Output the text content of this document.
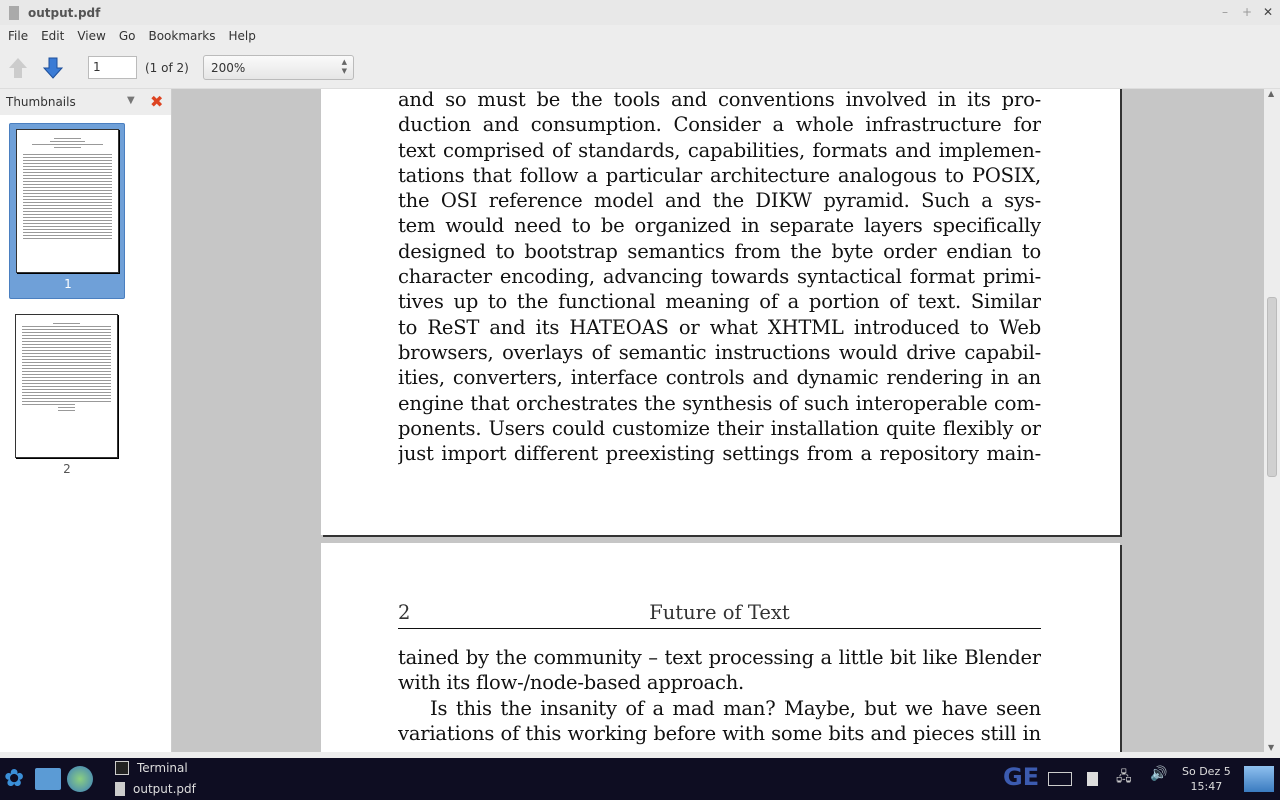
output.pdf	– + ✕
File Edit View Go Bookmarks Help
1	(1 of 2)	200%	▲
▼
Thumbnails	▼ ✖
1
2
and so must be the tools and conventions involved in its pro-
duction and consumption. Consider a whole infrastructure for
text comprised of standards, capabilities, formats and implemen-
tations that follow a particular architecture analogous to POSIX,
the OSI reference model and the DIKW pyramid. Such a sys-
tem would need to be organized in separate layers specifically
designed to bootstrap semantics from the byte order endian to
character encoding, advancing towards syntactical format primi-
tives up to the functional meaning of a portion of text. Similar
to ReST and its HATEOAS or what XHTML introduced to Web
browsers, overlays of semantic instructions would drive capabil-
ities, converters, interface controls and dynamic rendering in an
engine that orchestrates the synthesis of such interoperable com-
ponents. Users could customize their installation quite flexibly or
just import different preexisting settings from a repository main-
Future of Text
2
tained by the community – text processing a little bit like Blender
with its flow-/node-based approach.
Is this the insanity of a mad man? Maybe, but we have seen
variations of this working before with some bits and pieces still in
▲
▼
✿	Terminal
output.pdf	GE	🖧 🔊 So Dez 5
15:47
